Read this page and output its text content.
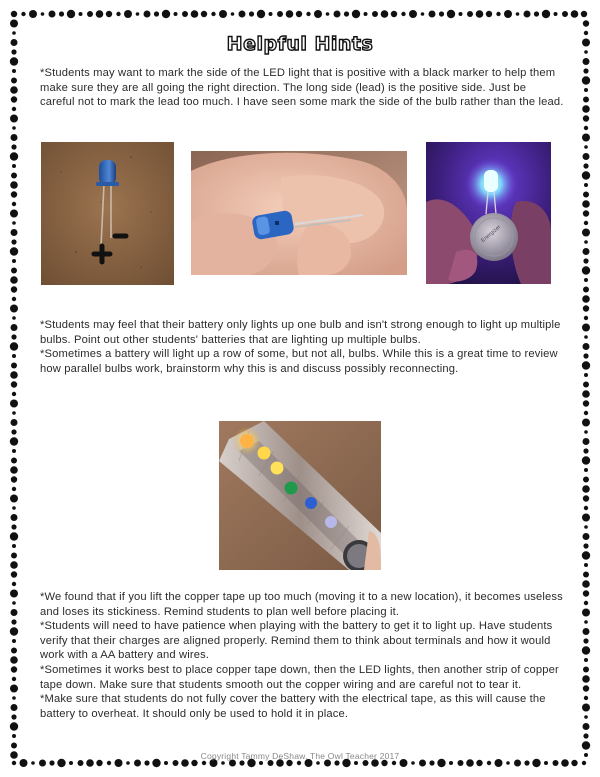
Helpful Hints

*Students may want to mark the side of the LED light that is positive with a black marker to help them make sure they are all going the right direction. The long side (lead) is the positive side. Just be careful not to mark the lead too much. I have seen some mark the side of the bulb rather than the lead.

Energizer

*Students may feel that their battery only lights up one bulb and isn't strong enough to light up multiple bulbs. Point out other students' batteries that are lighting up multiple bulbs.

*Sometimes a battery will light up a row of some, but not all, bulbs. While this is a great time to review how parallel bulbs work, brainstorm why this is and discuss possibly reconnecting.

*We found that if you lift the copper tape up too much (moving it to a new location), it becomes useless and loses its stickiness. Remind students to plan well before placing it.

*Students will need to have patience when playing with the battery to get it to light up. Have students verify that their charges are aligned properly. Remind them to think about terminals and how it would work with a AA battery and wires.

*Sometimes it works best to place copper tape down, then the LED lights, then another strip of copper tape down. Make sure that students smooth out the copper wiring and are careful not to tear it.

*Make sure that students do not fully cover the battery with the electrical tape, as this will cause the battery to overheat. It should only be used to hold it in place.

Copyright Tammy DeShaw, The Owl Teacher 2017
